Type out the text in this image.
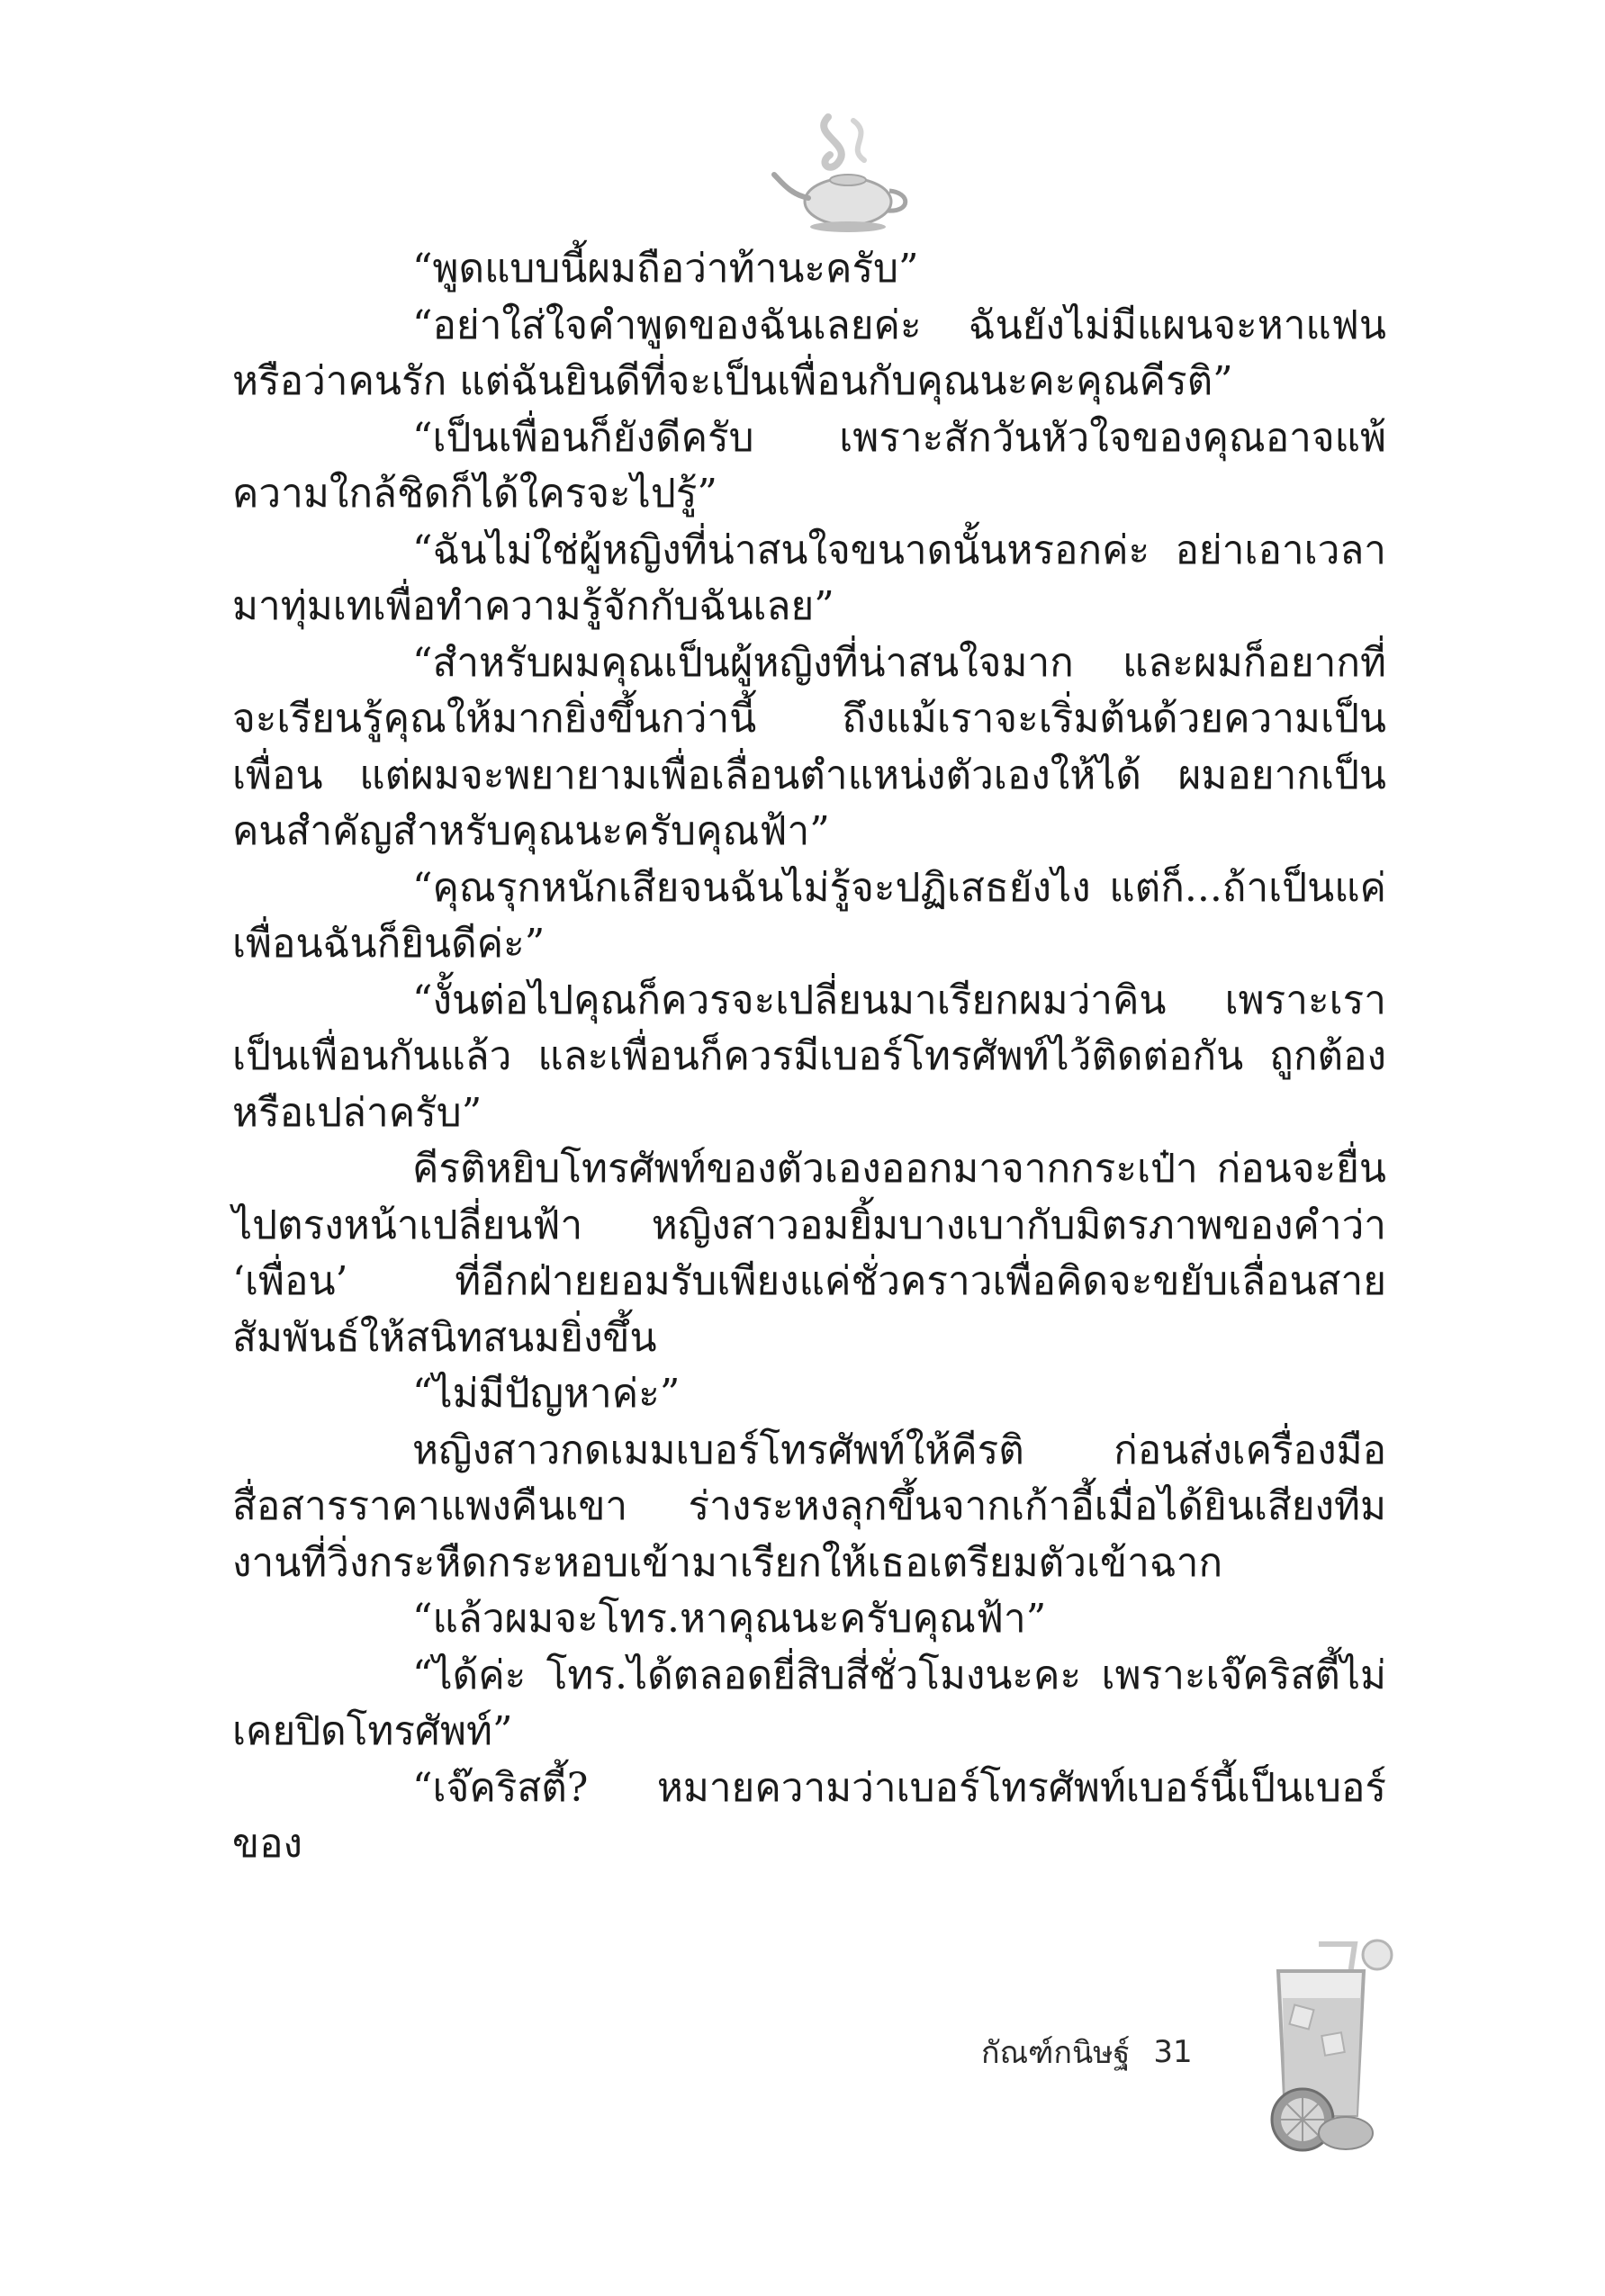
“พูดแบบนี้ผมถือว่าท้านะครับ”

“อย่าใส่ใจคำพูดของฉันเลยค่ะ ฉันยังไม่มีแผนจะหาแฟนหรือว่าคนรัก แต่ฉันยินดีที่จะเป็นเพื่อนกับคุณนะคะคุณคีรติ”

“เป็นเพื่อนก็ยังดีครับ เพราะสักวันหัวใจของคุณอาจแพ้ความใกล้ชิดก็ได้ใครจะไปรู้”

“ฉันไม่ใช่ผู้หญิงที่น่าสนใจขนาดนั้นหรอกค่ะ อย่าเอาเวลามาทุ่มเทเพื่อทำความรู้จักกับฉันเลย”

“สำหรับผมคุณเป็นผู้หญิงที่น่าสนใจมาก และผมก็อยากที่จะเรียนรู้คุณให้มากยิ่งขึ้นกว่านี้ ถึงแม้เราจะเริ่มต้นด้วยความเป็นเพื่อน แต่ผมจะพยายามเพื่อเลื่อนตำแหน่งตัวเองให้ได้ ผมอยากเป็นคนสำคัญสำหรับคุณนะครับคุณฟ้า”

“คุณรุกหนักเสียจนฉันไม่รู้จะปฏิเสธยังไง แต่ก็...ถ้าเป็นแค่เพื่อนฉันก็ยินดีค่ะ”

“งั้นต่อไปคุณก็ควรจะเปลี่ยนมาเรียกผมว่าคิน เพราะเราเป็นเพื่อนกันแล้ว และเพื่อนก็ควรมีเบอร์โทรศัพท์ไว้ติดต่อกัน ถูกต้องหรือเปล่าครับ”

คีรติหยิบโทรศัพท์ของตัวเองออกมาจากกระเป๋า ก่อนจะยื่นไปตรงหน้าเปลี่ยนฟ้า หญิงสาวอมยิ้มบางเบากับมิตรภาพของคำว่า ‘เพื่อน’ ที่อีกฝ่ายยอมรับเพียงแค่ชั่วคราวเพื่อคิดจะขยับเลื่อนสายสัมพันธ์ให้สนิทสนมยิ่งขึ้น

“ไม่มีปัญหาค่ะ”

หญิงสาวกดเมมเบอร์โทรศัพท์ให้คีรติ ก่อนส่งเครื่องมือสื่อสารราคาแพงคืนเขา ร่างระหงลุกขึ้นจากเก้าอี้เมื่อได้ยินเสียงทีมงานที่วิ่งกระหืดกระหอบเข้ามาเรียกให้เธอเตรียมตัวเข้าฉาก

“แล้วผมจะโทร.หาคุณนะครับคุณฟ้า”

“ได้ค่ะ โทร.ได้ตลอดยี่สิบสี่ชั่วโมงนะคะ เพราะเจ๊คริสตี้ไม่เคยปิดโทรศัพท์”

“เจ๊คริสตี้? หมายความว่าเบอร์โทรศัพท์เบอร์นี้เป็นเบอร์ของ

กัณฑ์กนิษฐ์ 31
